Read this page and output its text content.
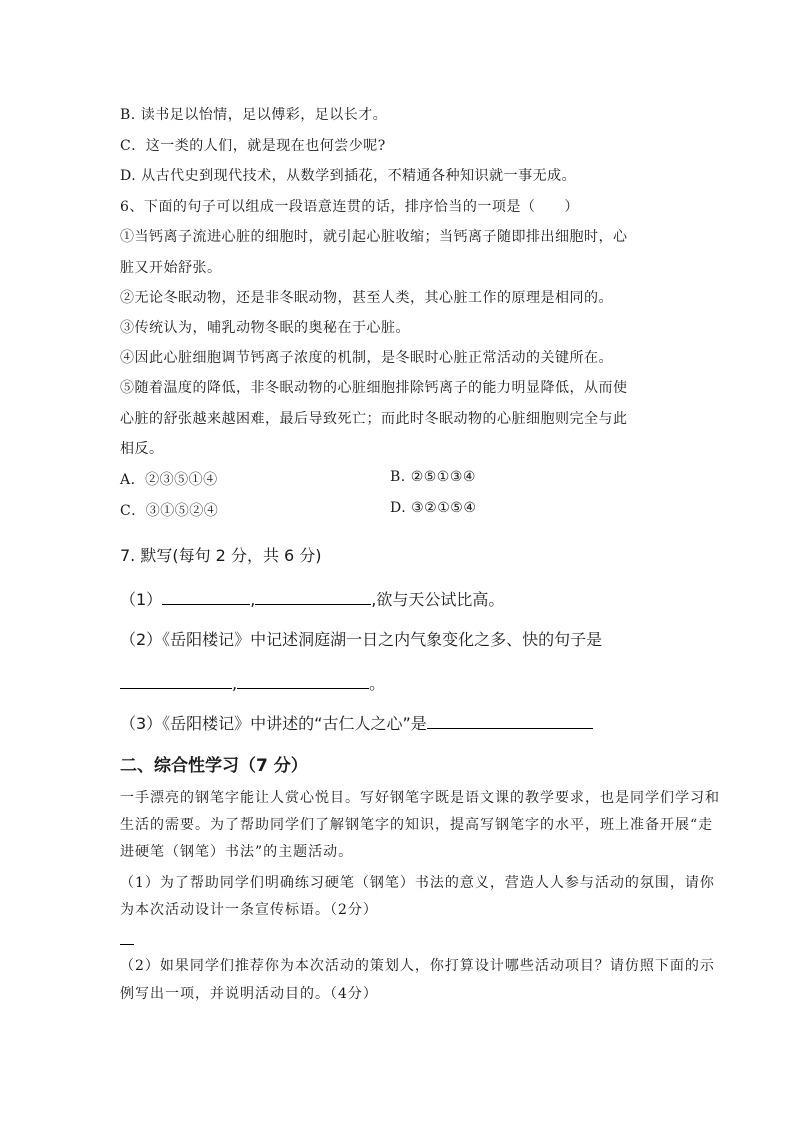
B. 读书足以怡情，足以傅彩，足以长才。
C．这一类的人们，就是现在也何尝少呢?
D. 从古代史到现代技术，从数学到插花，不精通各种知识就一事无成。
6、下面的句子可以组成一段语意连贯的话，排序恰当的一项是（　　）
①当钙离子流进心脏的细胞时，就引起心脏收缩；当钙离子随即排出细胞时，心
脏又开始舒张。
②无论冬眠动物，还是非冬眠动物，甚至人类，其心脏工作的原理是相同的。
③传统认为，哺乳动物冬眠的奥秘在于心脏。
④因此心脏细胞调节钙离子浓度的机制，是冬眠时心脏正常活动的关键所在。
⑤随着温度的降低，非冬眠动物的心脏细胞排除钙离子的能力明显降低，从而使
心脏的舒张越来越困难，最后导致死亡；而此时冬眠动物的心脏细胞则完全与此
相反。
A．②③⑤①④	B. ②⑤①③④
C．③①⑤②④	D. ③②①⑤④
7. 默写(每句 2 分，共 6 分)
（1）	,	,欲与天公试比高。
（2）《岳阳楼记》中记述洞庭湖一日之内气象变化之多、快的句子是
,	。
（3）《岳阳楼记》中讲述的“古仁人之心”是
二、综合性学习（7 分）
一手漂亮的钢笔字能让人赏心悦目。写好钢笔字既是语文课的教学要求，也是同学们学习和
生活的需要。为了帮助同学们了解钢笔字的知识，提高写钢笔字的水平，班上准备开展“走
进硬笔（钢笔）书法”的主题活动。
（1）为了帮助同学们明确练习硬笔（钢笔）书法的意义，营造人人参与活动的氛围，请你
为本次活动设计一条宣传标语。（2分）
（2）如果同学们推荐你为本次活动的策划人，你打算设计哪些活动项目？请仿照下面的示
例写出一项，并说明活动目的。（4分）
